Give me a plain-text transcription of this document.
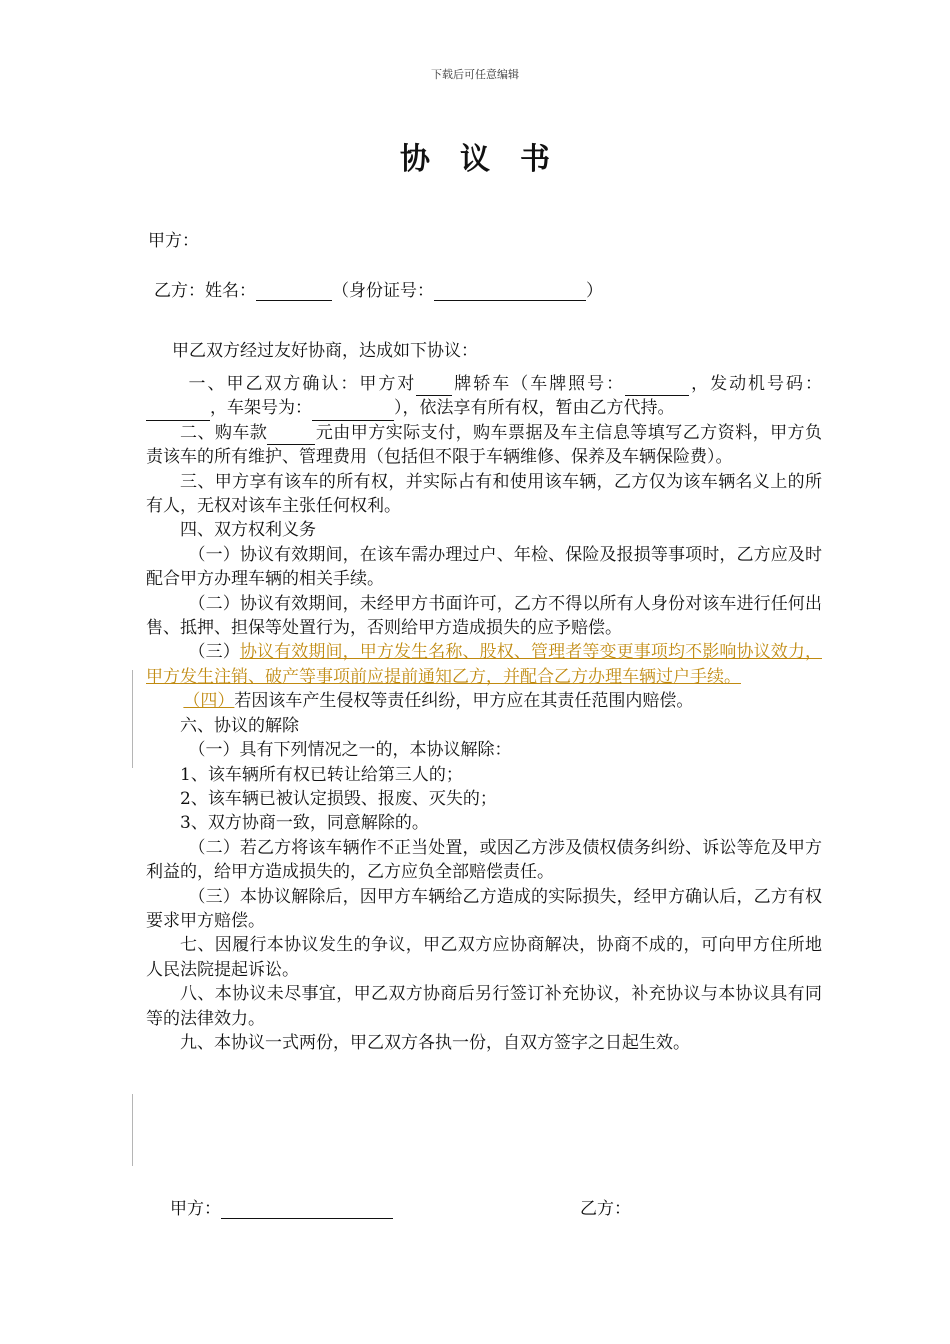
下载后可任意编辑
协议书
甲方：
乙方：姓名：	（身份证号：	）
甲乙双方经过友好协商，达成如下协议：

一、甲乙双方确认：甲方对 牌轿车（车牌照号：	，发动机号码：，车架号为：	），依法享有所有权，暂由乙方代持。

二、购车款	元由甲方实际支付，购车票据及车主信息等填写乙方资料，甲方负责该车的所有维护、管理费用（包括但不限于车辆维修、保养及车辆保险费）。

三、甲方享有该车的所有权，并实际占有和使用该车辆，乙方仅为该车辆名义上的所有人，无权对该车主张任何权利。

四、双方权利义务

（一）协议有效期间，在该车需办理过户、年检、保险及报损等事项时，乙方应及时配合甲方办理车辆的相关手续。

（二）协议有效期间，未经甲方书面许可，乙方不得以所有人身份对该车进行任何出售、抵押、担保等处置行为，否则给甲方造成损失的应予赔偿。

（三）协议有效期间，甲方发生名称、股权、管理者等变更事项均不影响协议效力，甲方发生注销、破产等事项前应提前通知乙方，并配合乙方办理车辆过户手续。

（四）若因该车产生侵权等责任纠纷，甲方应在其责任范围内赔偿。

六、协议的解除

（一）具有下列情况之一的，本协议解除：

1、该车辆所有权已转让给第三人的；

2、该车辆已被认定损毁、报废、灭失的；

3、双方协商一致，同意解除的。

（二）若乙方将该车辆作不正当处置，或因乙方涉及债权债务纠纷、诉讼等危及甲方利益的，给甲方造成损失的，乙方应负全部赔偿责任。

（三）本协议解除后，因甲方车辆给乙方造成的实际损失，经甲方确认后，乙方有权要求甲方赔偿。

七、因履行本协议发生的争议，甲乙双方应协商解决，协商不成的，可向甲方住所地人民法院提起诉讼。

八、本协议未尽事宜，甲乙双方协商后另行签订补充协议，补充协议与本协议具有同等的法律效力。

九、本协议一式两份，甲乙双方各执一份，自双方签字之日起生效。

甲方：	乙方：
